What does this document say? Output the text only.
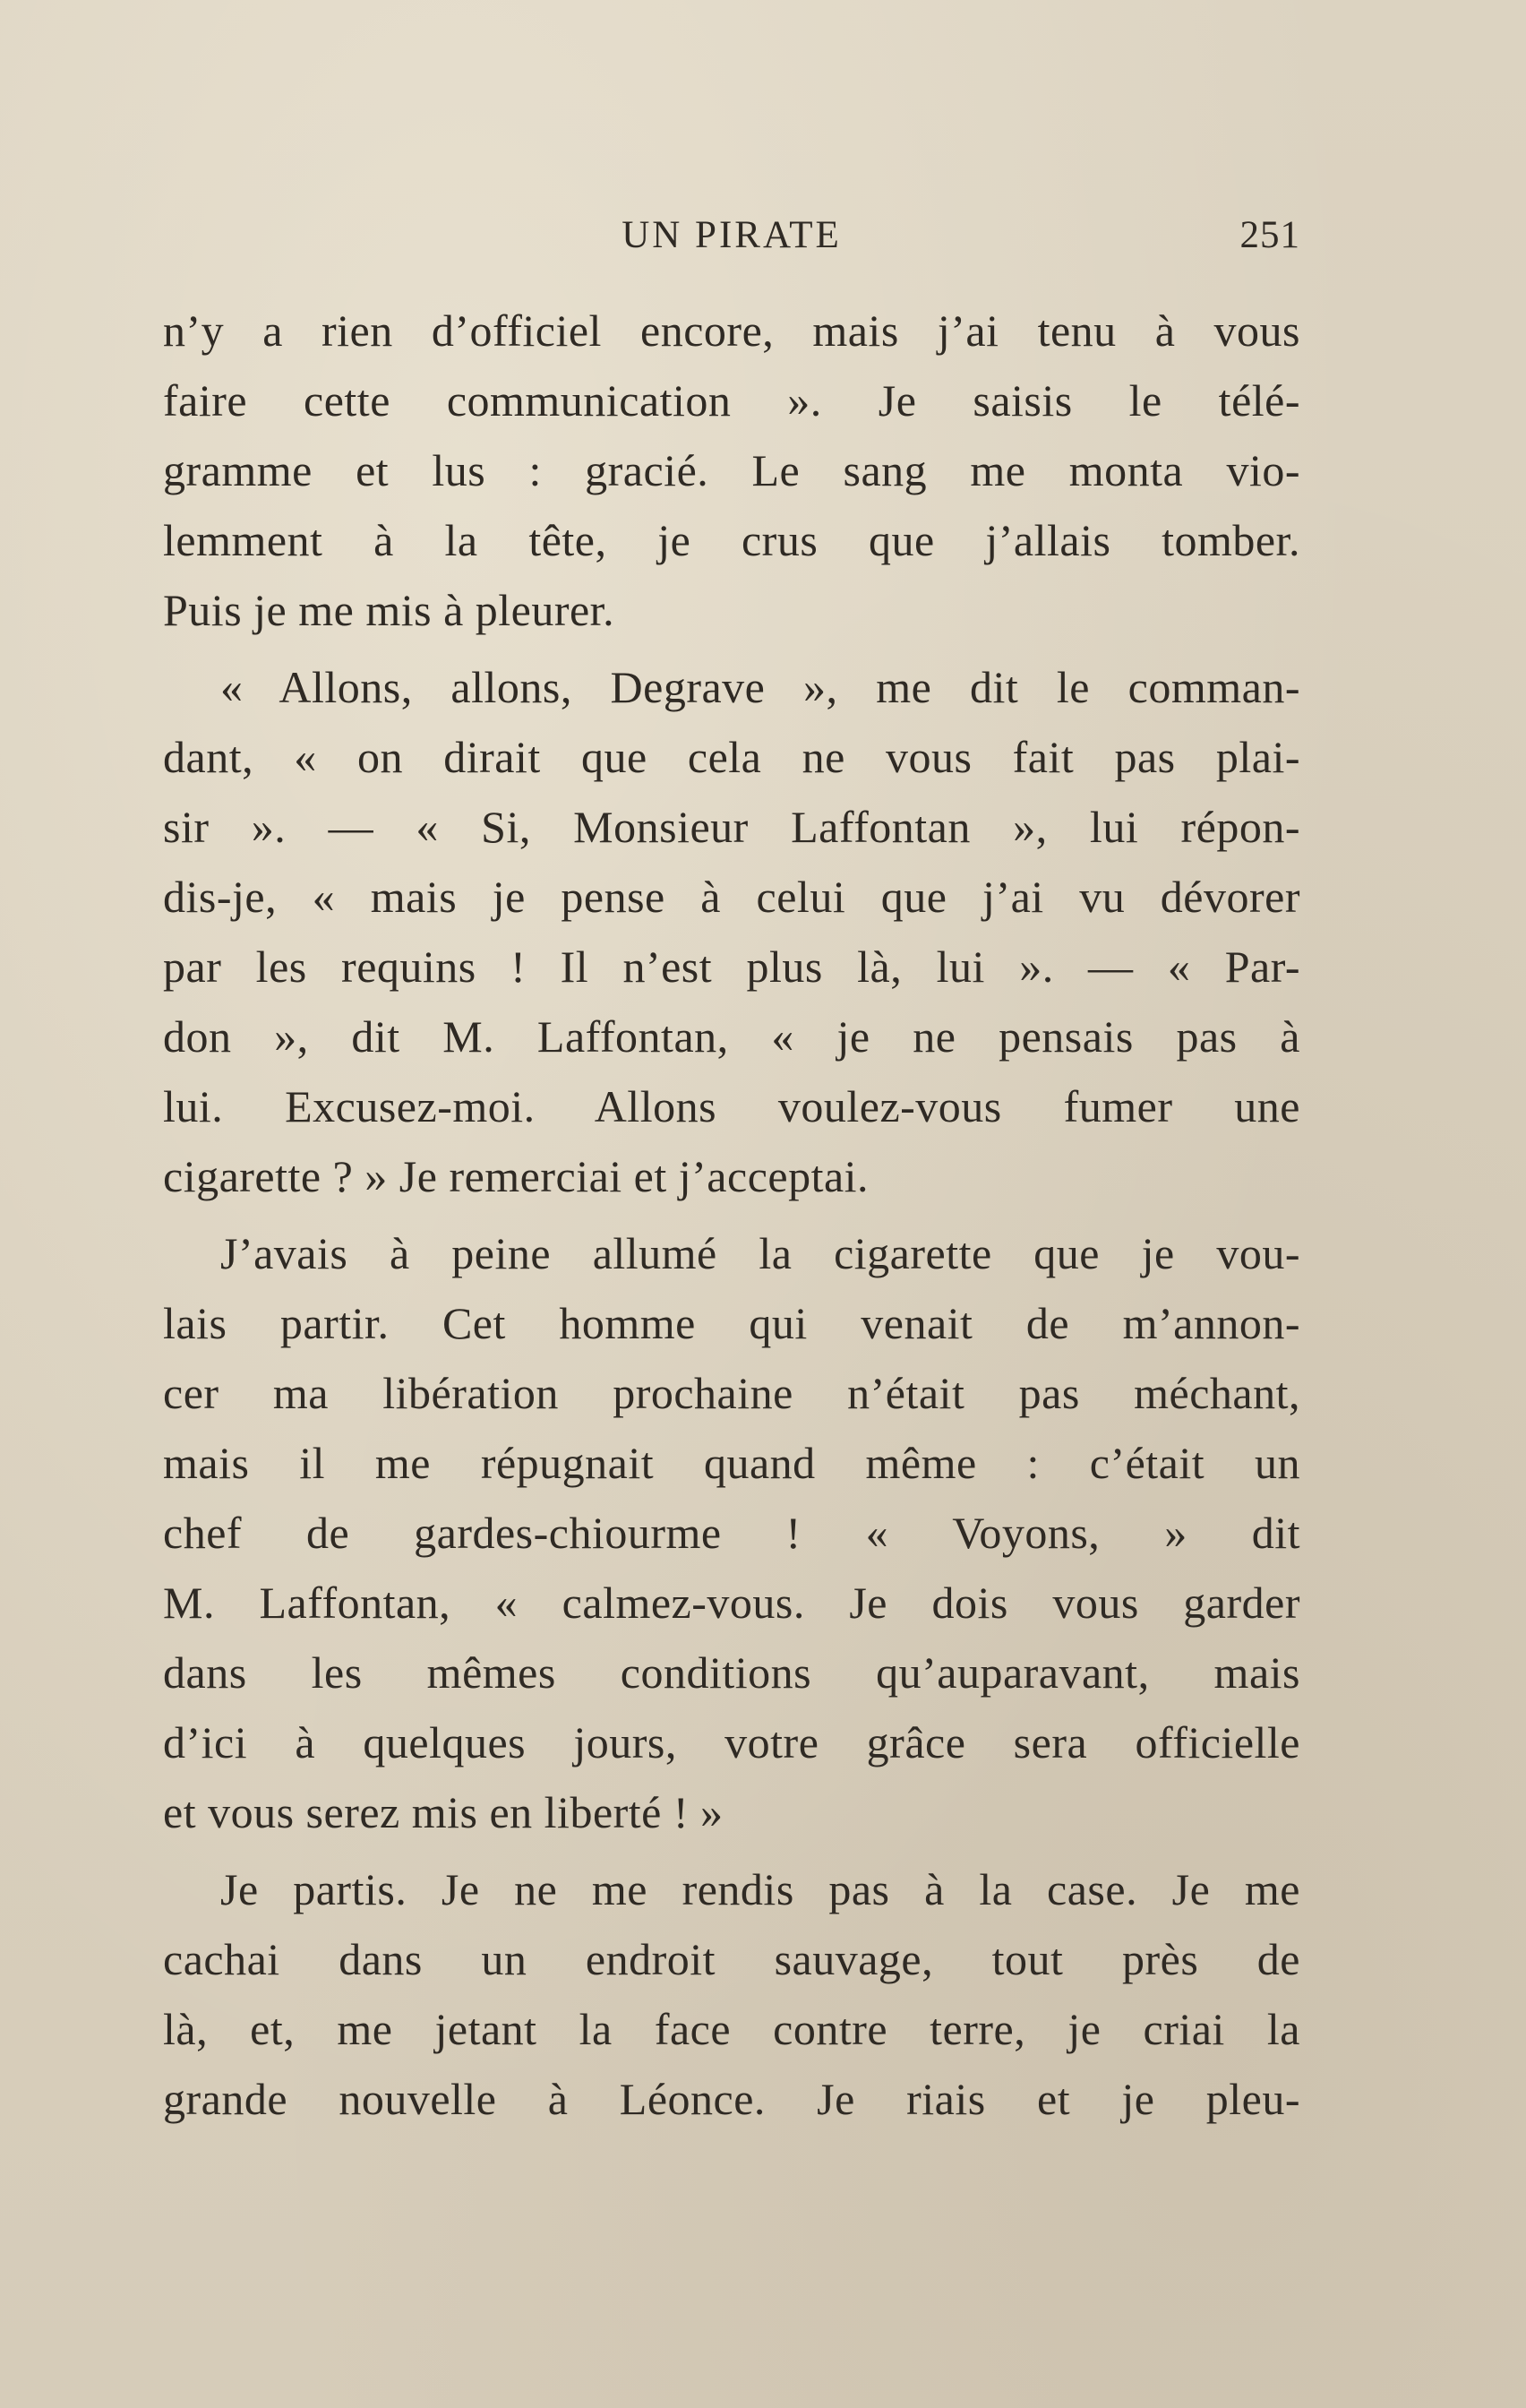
UN PIRATE	251
n’y a rien d’officiel encore, mais j’ai tenu à vous
faire cette communication ». Je saisis le télé-
gramme et lus : gracié. Le sang me monta vio-
lemment à la tête, je crus que j’allais tomber.
Puis je me mis à pleurer.
« Allons, allons, Degrave », me dit le comman-
dant, « on dirait que cela ne vous fait pas plai-
sir ». — « Si, Monsieur Laffontan », lui répon-
dis-je, « mais je pense à celui que j’ai vu dévorer
par les requins ! Il n’est plus là, lui ». — « Par-
don », dit M. Laffontan, « je ne pensais pas à
lui. Excusez-moi. Allons voulez-vous fumer une
cigarette ? » Je remerciai et j’acceptai.
J’avais à peine allumé la cigarette que je vou-
lais partir. Cet homme qui venait de m’annon-
cer ma libération prochaine n’était pas méchant,
mais il me répugnait quand même : c’était un
chef de gardes-chiourme ! « Voyons, » dit
M. Laffontan, « calmez-vous. Je dois vous garder
dans les mêmes conditions qu’auparavant, mais
d’ici à quelques jours, votre grâce sera officielle
et vous serez mis en liberté ! »
Je partis. Je ne me rendis pas à la case. Je me
cachai dans un endroit sauvage, tout près de
là, et, me jetant la face contre terre, je criai la
grande nouvelle à Léonce. Je riais et je pleu-
